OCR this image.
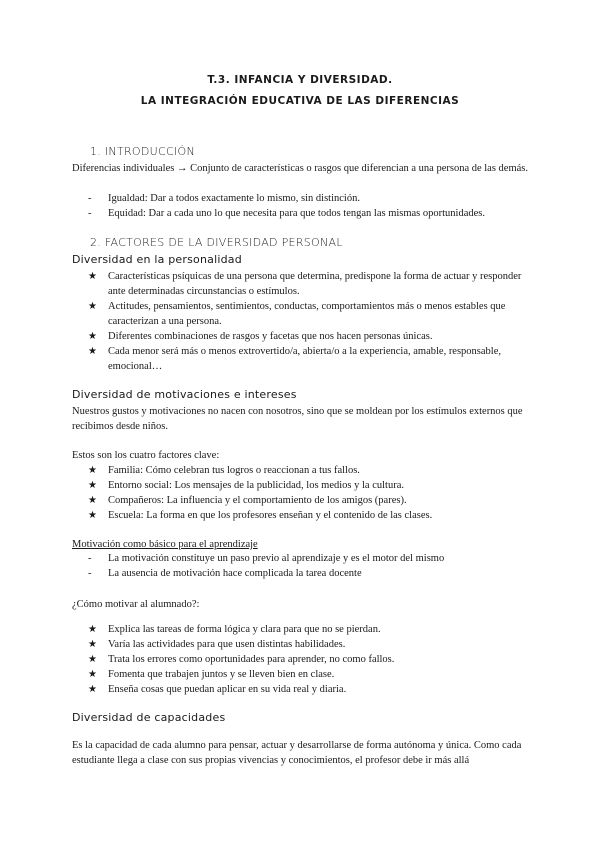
T.3. INFANCIA Y DIVERSIDAD.
LA INTEGRACIÓN EDUCATIVA DE LAS DIFERENCIAS
1. INTRODUCCIÓN
Diferencias individuales → Conjunto de características o rasgos que diferencian a una persona de las demás.
- Igualdad: Dar a todos exactamente lo mismo, sin distinción.
- Equidad: Dar a cada uno lo que necesita para que todos tengan las mismas oportunidades.
2. FACTORES DE LA DIVERSIDAD PERSONAL
Diversidad en la personalidad
★ Características psíquicas de una persona que determina, predispone la forma de actuar y responder ante determinadas circunstancias o estímulos.
★ Actitudes, pensamientos, sentimientos, conductas, comportamientos más o menos estables que caracterizan a una persona.
★ Diferentes combinaciones de rasgos y facetas que nos hacen personas únicas.
★ Cada menor será más o menos extrovertido/a, abierta/o a la experiencia, amable, responsable, emocional…
Diversidad de motivaciones e intereses
Nuestros gustos y motivaciones no nacen con nosotros, sino que se moldean por los estímulos externos que recibimos desde niños.
Estos son los cuatro factores clave:
★ Familia: Cómo celebran tus logros o reaccionan a tus fallos.
★ Entorno social: Los mensajes de la publicidad, los medios y la cultura.
★ Compañeros: La influencia y el comportamiento de los amigos (pares).
★ Escuela: La forma en que los profesores enseñan y el contenido de las clases.
Motivación como básico para el aprendizaje
- La motivación constituye un paso previo al aprendizaje y es el motor del mismo
- La ausencia de motivación hace complicada la tarea docente
¿Cómo motivar al alumnado?:
★ Explica las tareas de forma lógica y clara para que no se pierdan.
★ Varía las actividades para que usen distintas habilidades.
★ Trata los errores como oportunidades para aprender, no como fallos.
★ Fomenta que trabajen juntos y se lleven bien en clase.
★ Enseña cosas que puedan aplicar en su vida real y diaria.
Diversidad de capacidades
Es la capacidad de cada alumno para pensar, actuar y desarrollarse de forma autónoma y única. Como cada estudiante llega a clase con sus propias vivencias y conocimientos, el profesor debe ir más allá
